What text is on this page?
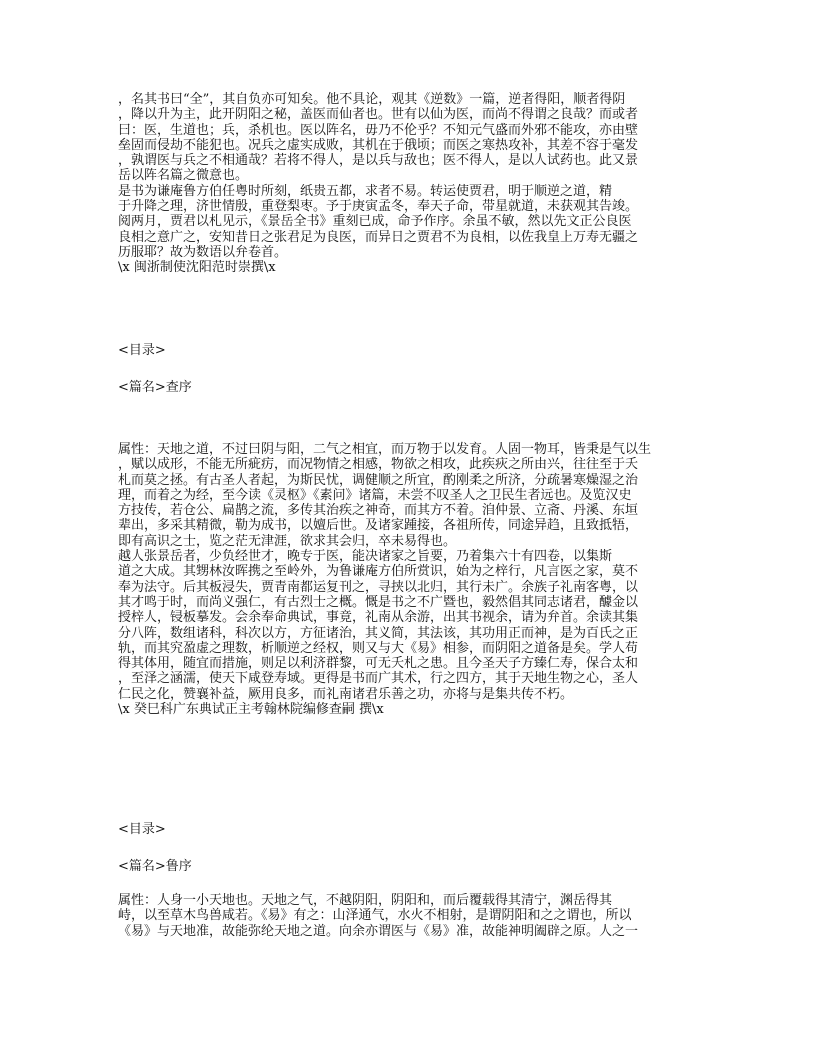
，名其书曰“全”，其自负亦可知矣。他不具论，观其《逆数》一篇，逆者得阳，顺者得阴
，降以升为主，此开阴阳之秘，盖医而仙者也。世有以仙为医，而尚不得谓之良哉？而或者
曰：医，生道也；兵，杀机也。医以阵名，毋乃不伦乎？不知元气盛而外邪不能攻，亦由壁
垒固而侵劫不能犯也。况兵之虚实成败，其机在于俄顷；而医之寒热攻补，其差不容于毫发
，孰谓医与兵之不相通哉？若将不得人，是以兵与敌也；医不得人，是以人试药也。此又景
岳以阵名篇之微意也。
是书为谦庵鲁方伯任粤时所刻，纸贵五都，求者不易。转运使贾君，明于顺逆之道，精
于升降之理，济世情殷，重登梨枣。予于庚寅孟冬，奉天子命，带星就道，未获观其告竣。
阅两月，贾君以札见示，《景岳全书》重刻已成，命予作序。余虽不敏，然以先文正公良医
良相之意广之，安知昔日之张君足为良医，而异日之贾君不为良相，以佐我皇上万寿无疆之
历服耶？故为数语以弁卷首。
\x 闽浙制使沈阳范时崇撰\x
<目录>
<篇名>查序
属性：天地之道，不过曰阴与阳，二气之相宜，而万物于以发育。人固一物耳，皆秉是气以生
，赋以成形，不能无所疵疠，而况物情之相感，物欲之相攻，此疾疢之所由兴，往往至于夭
札而莫之拯。有古圣人者起，为斯民忧，调健顺之所宜，酌刚柔之所济，分疏暑寒燥湿之治
理，而着之为经，至今读《灵枢》《素问》诸篇，未尝不叹圣人之卫民生者远也。及览汉史
方技传，若仓公、扁鹊之流，多传其治疾之神奇，而其方不着。洎仲景、立斋、丹溪、东垣
辈出，多采其精微，勒为成书，以嬗后世。及诸家踵接，各祖所传，同途异趋，且致抵牾，
即有高识之士，览之茫无津涯，欲求其会归，卒未易得也。
越人张景岳者，少负经世才，晚专于医，能决诸家之旨要，乃着集六十有四卷，以集斯
道之大成。其甥林汝晖携之至岭外，为鲁谦庵方伯所赏识，始为之梓行，凡言医之家，莫不
奉为法守。后其板浸失，贾青南都运复刊之，寻挟以北归，其行未广。余族子礼南客粤，以
其才鸣于时，而尚义强仁，有古烈士之概。慨是书之不广暨也，毅然倡其同志诸君，醵金以
授梓人，锓板摹发。会余奉命典试，事竟，礼南从余游，出其书视余，请为弁首。余读其集
分八阵，数组诸科，科次以方，方征诸治，其义简，其法该，其功用正而神，是为百氏之正
轨，而其究盈虚之理数，析顺逆之经权，则又与大《易》相参，而阴阳之道备是矣。学人苟
得其体用，随宜而措施，则足以利济群黎，可无夭札之患。且今圣天子方臻仁寿，保合太和
，至泽之涵濡，使天下咸登寿域。更得是书而广其术，行之四方，其于天地生物之心，圣人
仁民之化，赞襄补益，厥用良多，而礼南诸君乐善之功，亦将与是集共传不朽。
\x 癸巳科广东典试正主考翰林院编修查嗣 撰\x
<目录>
<篇名>鲁序
属性：人身一小天地也。天地之气，不越阴阳，阴阳和，而后覆载得其清宁，渊岳得其
峙，以至草木鸟兽咸若。《易》有之：山泽通气，水火不相射，是谓阴阳和之之谓也，所以
《易》与天地准，故能弥纶天地之道。向余亦谓医与《易》准，故能神明阖辟之原。人之一
